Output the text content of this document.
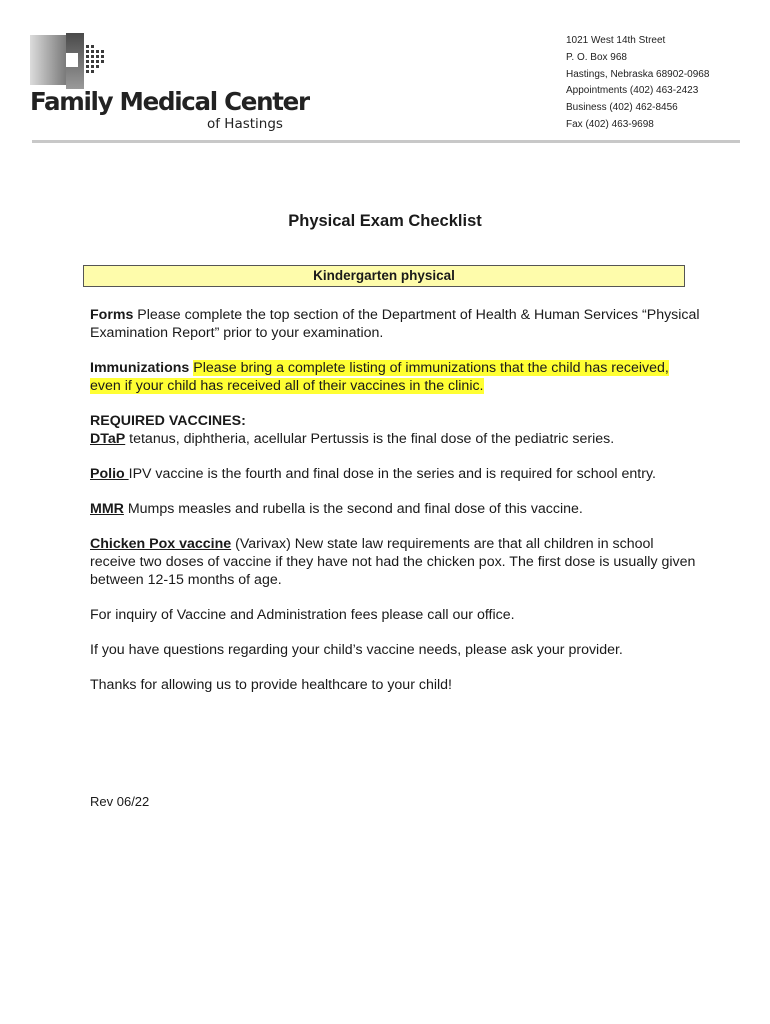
Family Medical Center
of Hastings
1021 West 14th Street
P. O. Box 968
Hastings, Nebraska 68902-0968
Appointments (402) 463-2423
Business (402) 462-8456
Fax (402) 463-9698
Physical Exam Checklist
Kindergarten physical

Forms Please complete the top section of the Department of Health & Human Services “Physical Examination Report” prior to your examination.

Immunizations Please bring a complete listing of immunizations that the child has received, even if your child has received all of their vaccines in the clinic.

REQUIRED VACCINES:
DTaP tetanus, diphtheria, acellular Pertussis is the final dose of the pediatric series.

Polio IPV vaccine is the fourth and final dose in the series and is required for school entry.

MMR Mumps measles and rubella is the second and final dose of this vaccine.

Chicken Pox vaccine (Varivax) New state law requirements are that all children in school receive two doses of vaccine if they have not had the chicken pox. The first dose is usually given between 12-15 months of age.

For inquiry of Vaccine and Administration fees please call our office.

If you have questions regarding your child’s vaccine needs, please ask your provider.

Thanks for allowing us to provide healthcare to your child!

Rev 06/22
